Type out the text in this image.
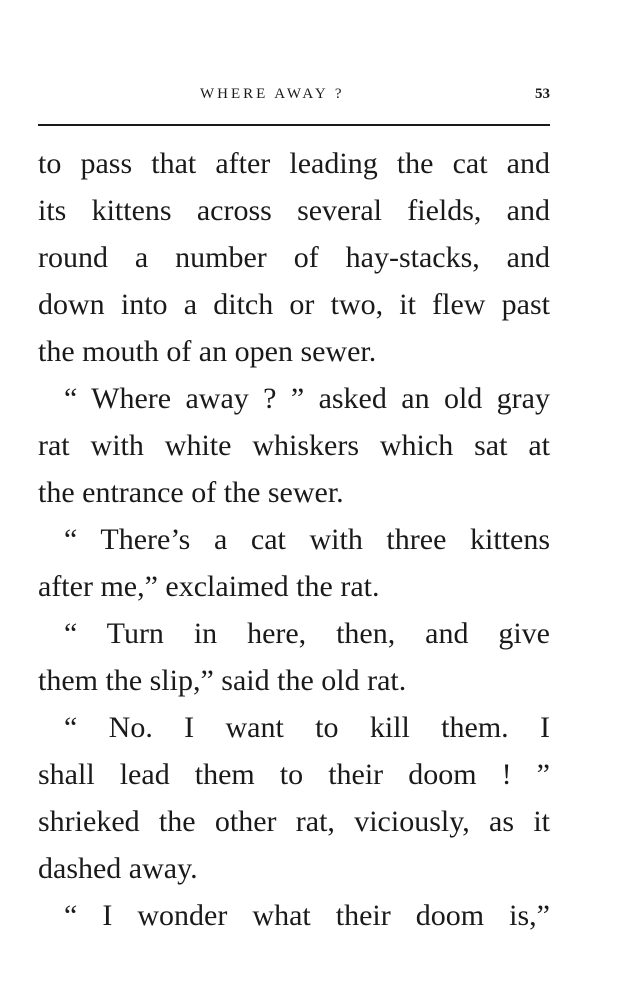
WHERE AWAY ?	53
to pass that after leading the cat and
its kittens across several fields, and
round a number of hay-stacks, and
down into a ditch or two, it flew past
the mouth of an open sewer.
“ Where away ? ” asked an old gray
rat with white whiskers which sat at
the entrance of the sewer.
“ There’s a cat with three kittens
after me,” exclaimed the rat.
“ Turn in here, then, and give
them the slip,” said the old rat.
“ No. I want to kill them. I
shall lead them to their doom ! ”
shrieked the other rat, viciously, as it
dashed away.
“ I wonder what their doom is,”
